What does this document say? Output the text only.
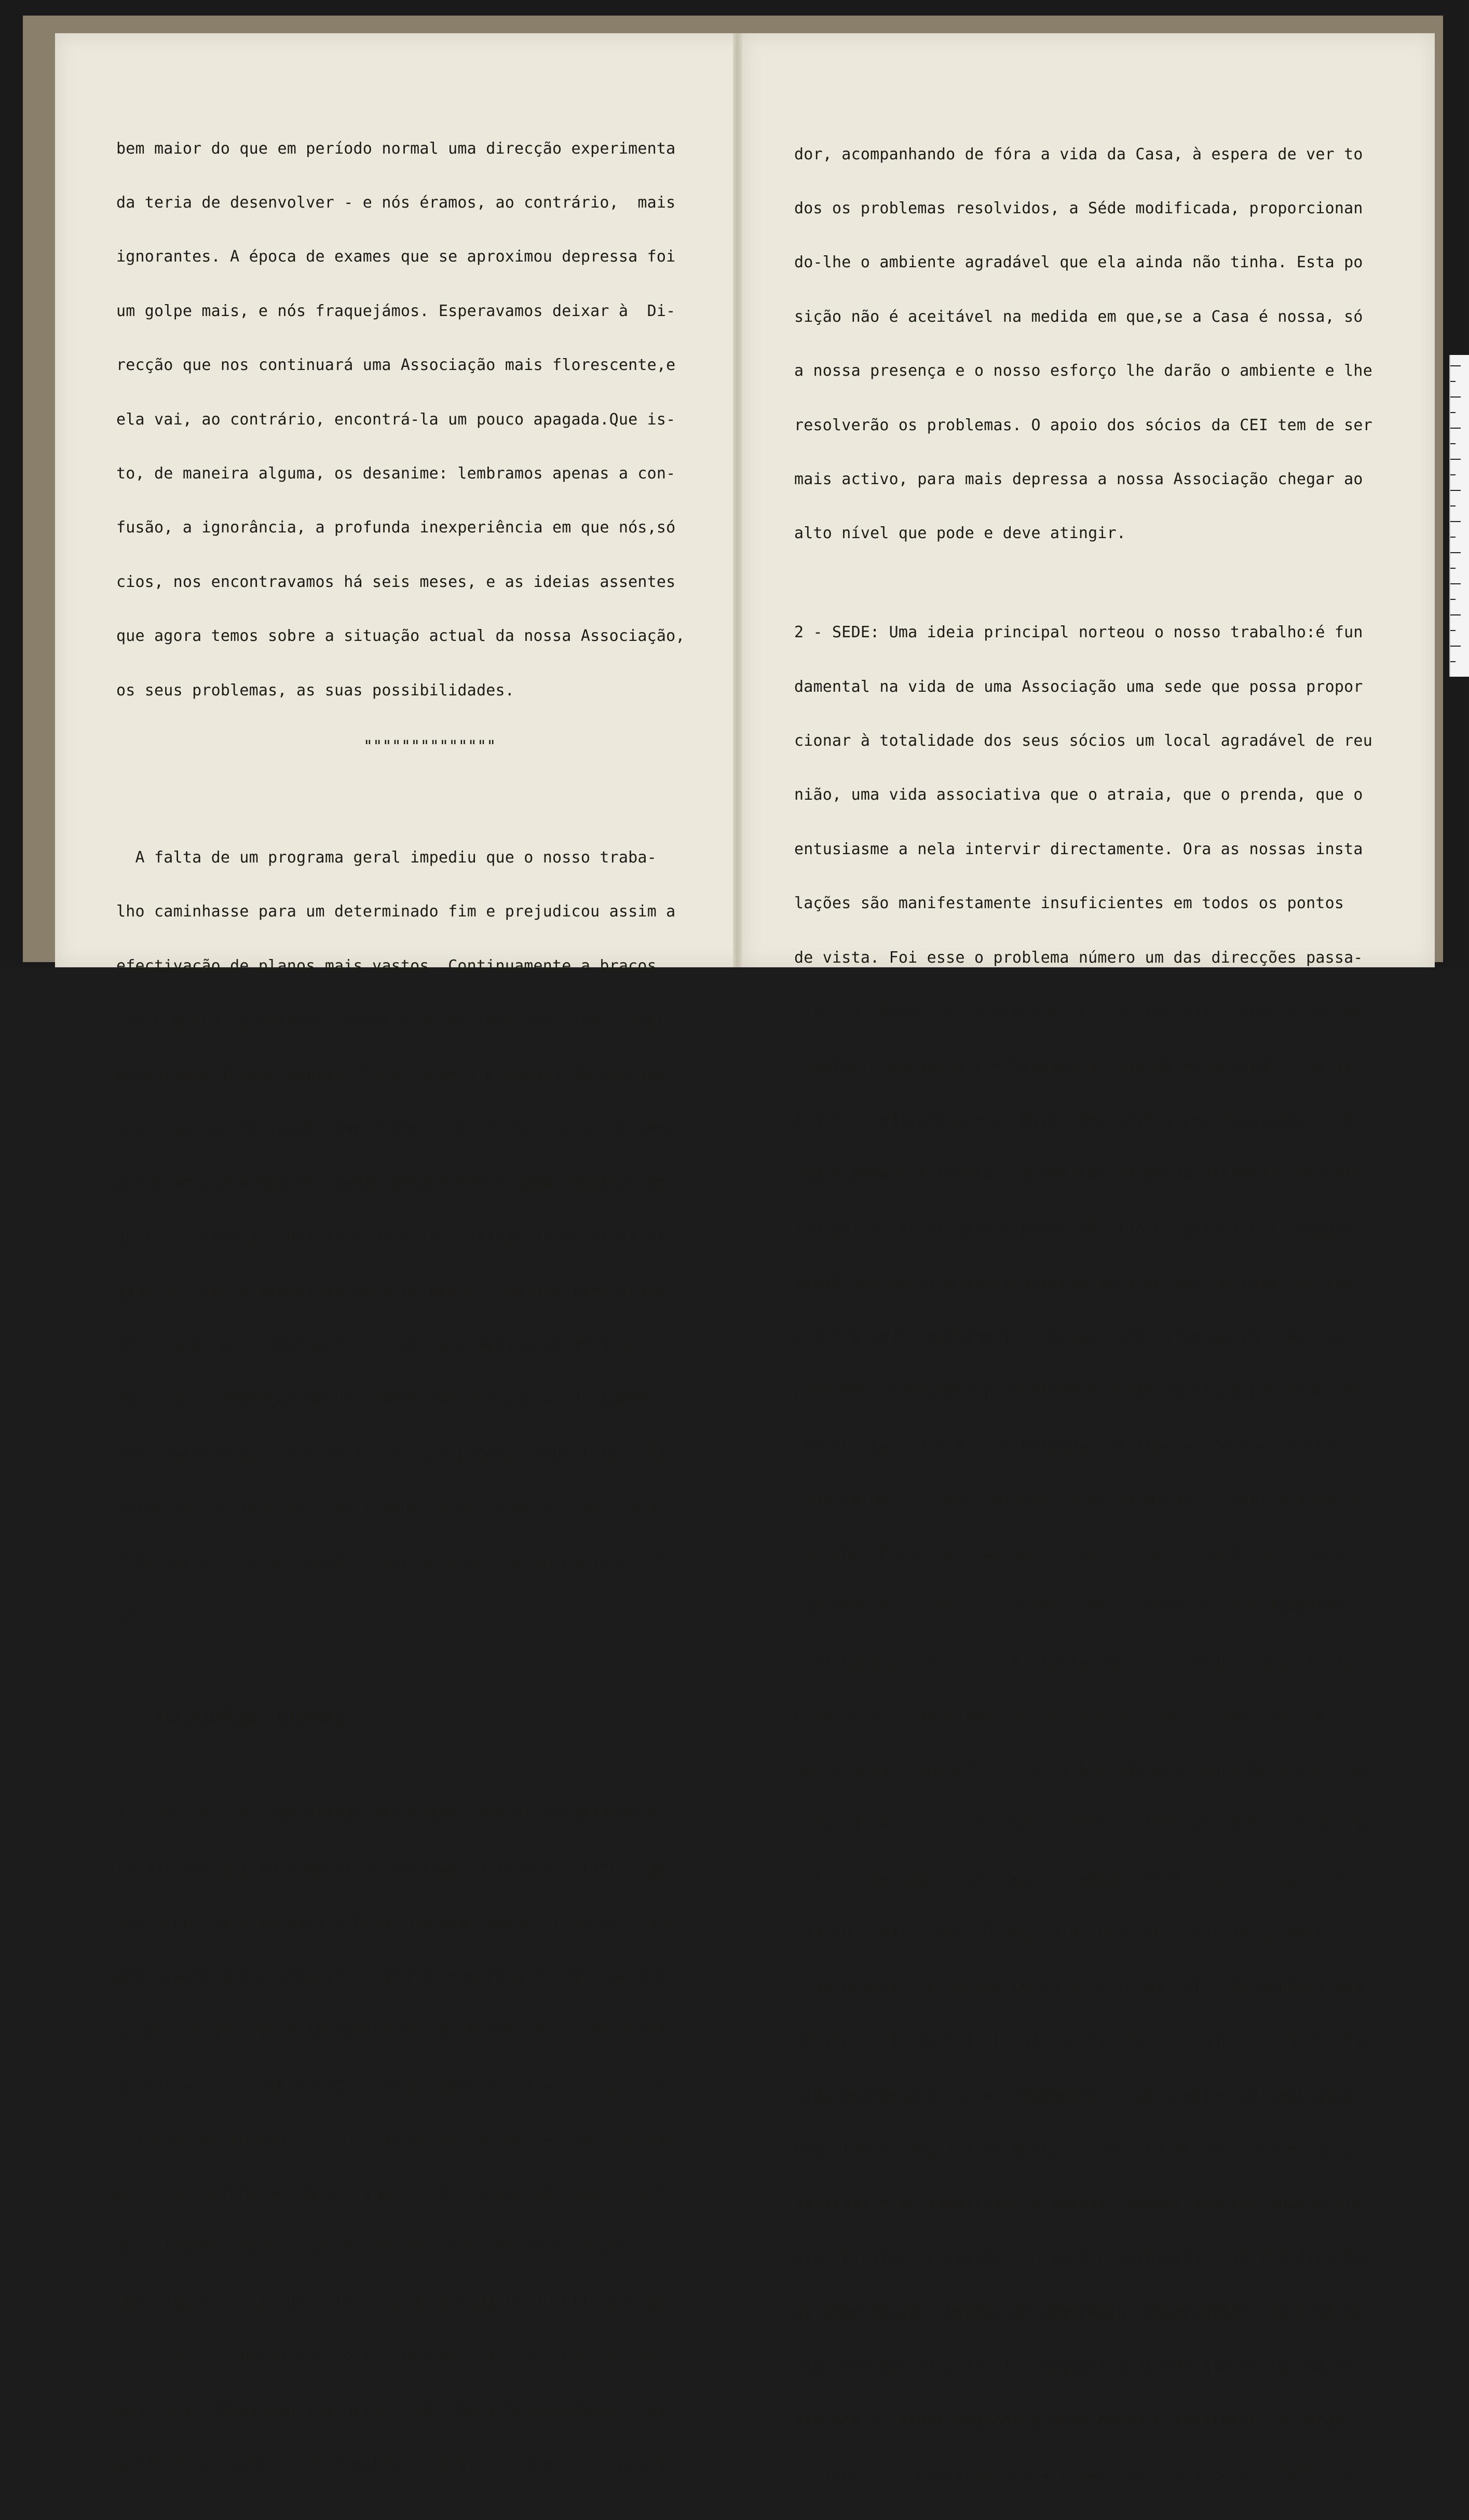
bem maior do que em período normal uma direcção experimenta

da teria de desenvolver - e nós éramos, ao contrário,  mais

ignorantes. A época de exames que se aproximou depressa foi

um golpe mais, e nós fraquejámos. Esperavamos deixar à  Di-

recção que nos continuará uma Associação mais florescente,e

ela vai, ao contrário, encontrá-la um pouco apagada.Que is-

to, de maneira alguma, os desanime: lembramos apenas a con-

fusão, a ignorância, a profunda inexperiência em que nós,só

cios, nos encontravamos há seis meses, e as ideias assentes

que agora temos sobre a situação actual da nossa Associação,

os seus problemas, as suas possibilidades.

""""""""""""""

A falta de um programa geral impediu que o nosso traba-

lho caminhasse para um determinado fim e prejudicou assim a

efectivação de planos mais vastos. Continuamente a braços

com pequenos problemas, em constantes reuniões (que  sempre

procurámos fossem amplas, facultando a presença de qualquer

sócio que o desejasse) com e sem os Directores das  Secções

a fim de traçarmos as linhas gerais que a Casa deveria  se-

guir, tivemos que deixar a meio iniciativas de maior enver-

gadura, como a exposição de Arte Negra, com que tencionava-

mos inaugurar o novo ano lectivo, a organização do arquivo

da Casa, a nomeação de Delegados nas provincias ultramari-

nas, tarefas que já a nova Direcção poderá cumprir mais fà-

cilmente. 32 reuniões realizadas nestes 8 meses (dos  quais

2 de férias e 3 de exames) mostram a medida do nosso esfor-

ço.

I - ACTIVIDADES INTERNAS

1 - SÓCIOS: Foi com grande entusiamo  que os estudantes ul-

tramarinos que mais de perto estavam ou tinham estado liga-

dos à CEI, acolheram o fim da Comissão Administrativa. Este

entusiasmo manifestou-se no grande número que logo  acorreu

à Casa, e que, principalmente nos primeiros meses da nossa

gerência, foi sempre engrossando, embora com as actuais ins

talações muito poucas regalias encontrassem. Assim,  de uma

escassa centena de sócios que a CEI contava em Janeiro últi

mo, chegámos agora a perto de 500. Esta facto é só por si

bem significativo do interesse do estudante do Ultramar pe-

la Casa. Colaborou ele, por forma mais activa, na sua reor-

ganização? Duma maneira geral, não. Desinteressadamente pa-

gando a sua quota, ele limitou-se quase a simples  especta-

dor, acompanhando de fóra a vida da Casa, à espera de ver to

dos os problemas resolvidos, a Séde modificada, proporcionan

do-lhe o ambiente agradável que ela ainda não tinha. Esta po

sição não é aceitável na medida em que,se a Casa é nossa, só

a nossa presença e o nosso esforço lhe darão o ambiente e lhe

resolverão os problemas. O apoio dos sócios da CEI tem de ser

mais activo, para mais depressa a nossa Associação chegar ao

alto nível que pode e deve atingir.

2 - SEDE: Uma ideia principal norteou o nosso trabalho:é fun

damental na vida de uma Associação uma sede que possa propor

cionar à totalidade dos seus sócios um local agradável de reu

nião, uma vida associativa que o atraia, que o prenda, que o

entusiasme a nela intervir directamente. Ora as nossas insta

lações são manifestamente insuficientes em todos os pontos

de vista. Foi esse o problema número um das direcções passa-

das, foi esse o problema que nos pareceu mais importante  de

resolver, porque a ele ligamos a vida da Associação.  Em me-

lhores condições que as Direcções anteriores estavamos   nós

agora para o enfrentar: a centralização da direcção  da Casa

era por si só um grande passo em frente, pois que a fragmen-

tação que existiu anteriormente em diversas secções foi sem-

pre o grande impedimento com que esbarraram as iniciativas

passadas. Começámos pois desde o primeiro dia a procurar-lhe

uma solução: assim, foi nomeada, em reunião de sócios reali-

zada em Março, uma comissão encarregada de estudar a mudança

da Sede. Esta comissão apresentou posteriormente um relató-

rio onde dizia dos resultados infrutíferos do seu trabalho.

Continuou a Direcção a trabalhar nesse sentido e dos  muitos

prédios visitados,pareceu-nos oferecer mais condições um pri

meiro andar completo, sito na Avenida Almirante Reis,junto à

Praça do Arieiro. Já anteriormente a Comissão Administrativa

entrara em negociações para o mesmo efeito com a proprietá-

ria do prédio, Snra.D.Regina Quintanilha, mas abruptamente a

elas puzera fim, o que deixara junto da referida Senhora uma

má impressão da CEI. Fácil nos foi mostrar que a Casa  tinha

sido estranha a tal procedimento e com a maior cordealidade

procurámos chegar a um acordo. Como, no entanto, os encargos

exigidos eram demasiado  elevados tivemos que pôr aquele pré

dio de parte. Encarámos então a possibilidade de modificação

da Sede actual. Depois de demoradas conversações com o senho

rio, Snr.Daniel Azancot, chegámos a acordo que se fariam es-

sas modificações segundo planta nossa e totalmente a cargo

do senhorio, passando nós a pagar uma renda de 5.500$00, nos
